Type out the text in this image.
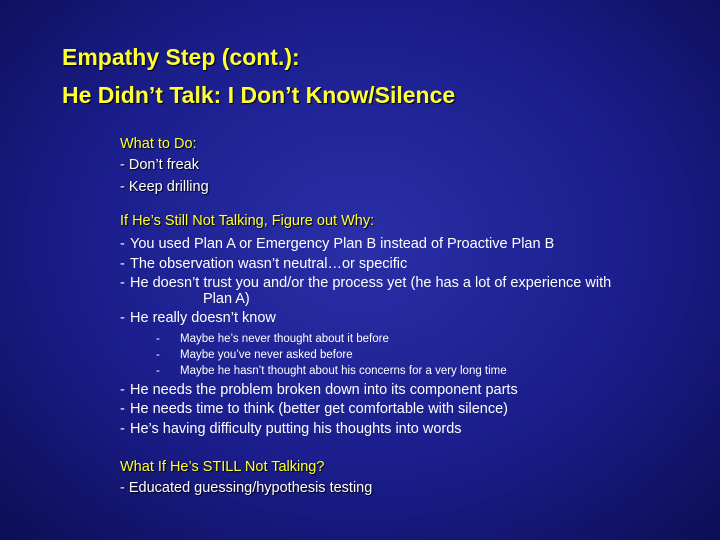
Empathy Step (cont.):
He Didn’t Talk: I Don’t Know/Silence
What to Do:
- Don’t freak
- Keep drilling
If He’s Still Not Talking, Figure out Why:
- You used Plan A or Emergency Plan B instead of Proactive Plan B
- The observation wasn’t neutral…or specific
- He doesn’t trust you and/or the process yet (he has a lot of experience with
Plan A)
- He really doesn’t know
- Maybe he’s never thought about it before
- Maybe you’ve never asked before
- Maybe he hasn’t thought about his concerns for a very long time
- He needs the problem broken down into its component parts
- He needs time to think (better get comfortable with silence)
- He’s having difficulty putting his thoughts into words
What If He’s STILL Not Talking?
- Educated guessing/hypothesis testing
